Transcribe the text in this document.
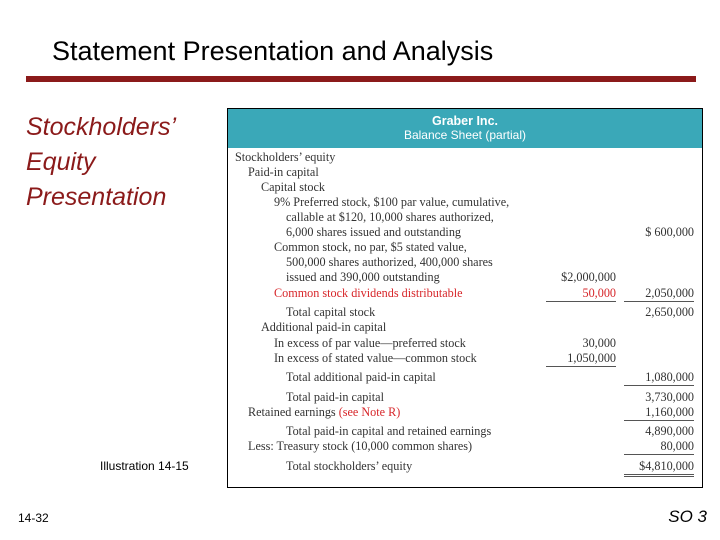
Statement Presentation and Analysis
Stockholders’
Equity
Presentation
Graber Inc.
Balance Sheet (partial)
Stockholders’ equity
Paid-in capital
Capital stock
9% Preferred stock, $100 par value, cumulative,
callable at $120, 10,000 shares authorized,
6,000 shares issued and outstanding	$ 600,000
Common stock, no par, $5 stated value,
500,000 shares authorized, 400,000 shares
issued and 390,000 outstanding	$2,000,000
Common stock dividends distributable	50,000	2,050,000
Total capital stock	2,650,000
Additional paid-in capital
In excess of par value—preferred stock	30,000
In excess of stated value—common stock	1,050,000
Total additional paid-in capital	1,080,000
Total paid-in capital	3,730,000
Retained earnings (see Note R)	1,160,000
Total paid-in capital and retained earnings	4,890,000
Less: Treasury stock (10,000 common shares)	80,000
Total stockholders’ equity	$4,810,000
Illustration 14-15
14-32	SO 3
